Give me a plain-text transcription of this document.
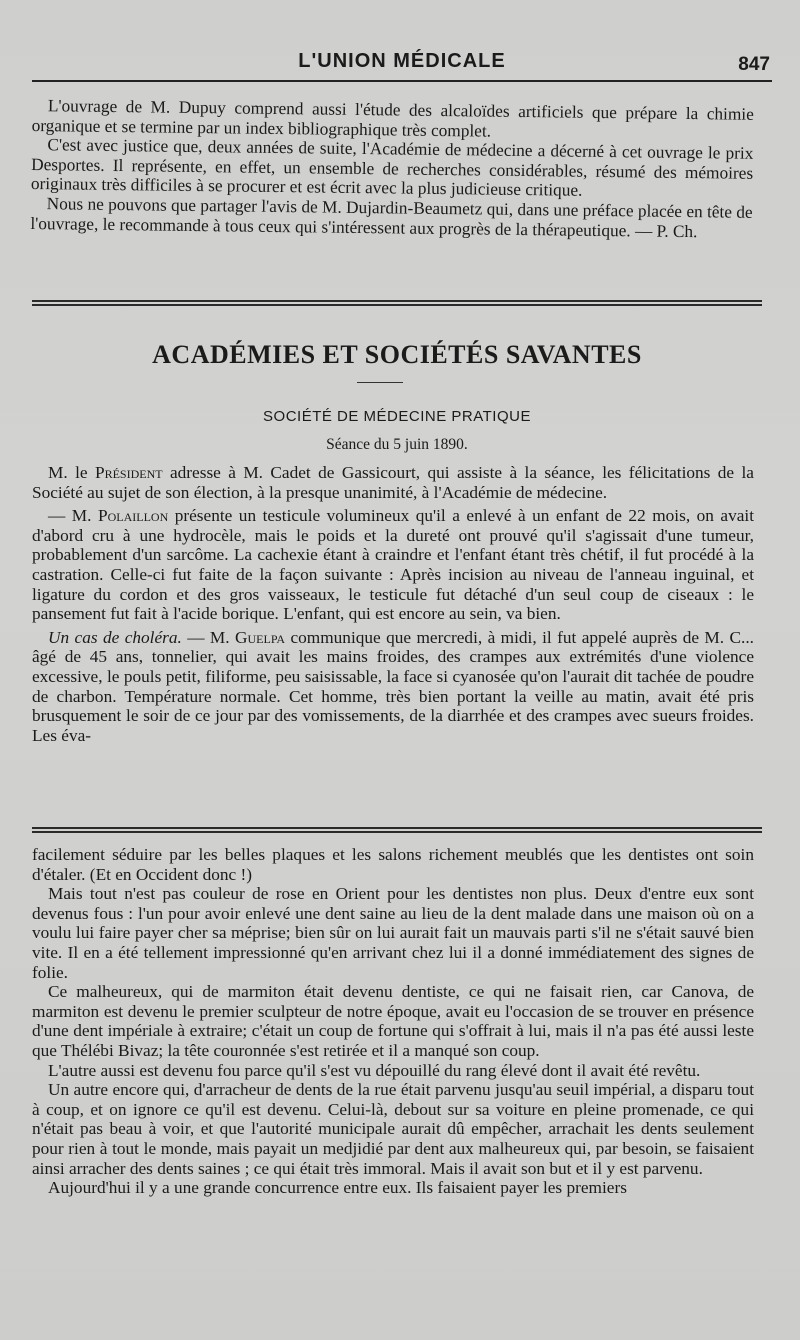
L'UNION MÉDICALE	847

L'ouvrage de M. Dupuy comprend aussi l'étude des alcaloïdes artificiels que prépare la chimie organique et se termine par un index bibliographique très complet.

C'est avec justice que, deux années de suite, l'Académie de médecine a décerné à cet ouvrage le prix Desportes. Il représente, en effet, un ensemble de recherches considérables, résumé des mémoires originaux très difficiles à se procurer et est écrit avec la plus judicieuse critique.

Nous ne pouvons que partager l'avis de M. Dujardin-Beaumetz qui, dans une préface placée en tête de l'ouvrage, le recommande à tous ceux qui s'intéressent aux progrès de la thérapeutique. — P. Ch.

ACADÉMIES ET SOCIÉTÉS SAVANTES
SOCIÉTÉ DE MÉDECINE PRATIQUE
Séance du 5 juin 1890.

M. le Président adresse à M. Cadet de Gassicourt, qui assiste à la séance, les félicitations de la Société au sujet de son élection, à la presque unanimité, à l'Académie de médecine.

— M. Polaillon présente un testicule volumineux qu'il a enlevé à un enfant de 22 mois, on avait d'abord cru à une hydrocèle, mais le poids et la dureté ont prouvé qu'il s'agissait d'une tumeur, probablement d'un sarcôme. La cachexie étant à craindre et l'enfant étant très chétif, il fut procédé à la castration. Celle-ci fut faite de la façon suivante : Après incision au niveau de l'anneau inguinal, et ligature du cordon et des gros vaisseaux, le testicule fut détaché d'un seul coup de ciseaux : le pansement fut fait à l'acide borique. L'enfant, qui est encore au sein, va bien.

Un cas de choléra. — M. Guelpa communique que mercredi, à midi, il fut appelé auprès de M. C... âgé de 45 ans, tonnelier, qui avait les mains froides, des crampes aux extrémités d'une violence excessive, le pouls petit, filiforme, peu saisissable, la face si cyanosée qu'on l'aurait dit tachée de poudre de charbon. Température normale. Cet homme, très bien portant la veille au matin, avait été pris brusquement le soir de ce jour par des vomissements, de la diarrhée et des crampes avec sueurs froides. Les éva-

facilement séduire par les belles plaques et les salons richement meublés que les dentistes ont soin d'étaler. (Et en Occident donc !)

Mais tout n'est pas couleur de rose en Orient pour les dentistes non plus. Deux d'entre eux sont devenus fous : l'un pour avoir enlevé une dent saine au lieu de la dent malade dans une maison où on a voulu lui faire payer cher sa méprise; bien sûr on lui aurait fait un mauvais parti s'il ne s'était sauvé bien vite. Il en a été tellement impressionné qu'en arrivant chez lui il a donné immédiatement des signes de folie.

Ce malheureux, qui de marmiton était devenu dentiste, ce qui ne faisait rien, car Canova, de marmiton est devenu le premier sculpteur de notre époque, avait eu l'occasion de se trouver en présence d'une dent impériale à extraire; c'était un coup de fortune qui s'offrait à lui, mais il n'a pas été aussi leste que Thélébi Bivaz; la tête couronnée s'est retirée et il a manqué son coup.

L'autre aussi est devenu fou parce qu'il s'est vu dépouillé du rang élevé dont il avait été revêtu.

Un autre encore qui, d'arracheur de dents de la rue était parvenu jusqu'au seuil impérial, a disparu tout à coup, et on ignore ce qu'il est devenu. Celui-là, debout sur sa voiture en pleine promenade, ce qui n'était pas beau à voir, et que l'autorité municipale aurait dû empêcher, arrachait les dents seulement pour rien à tout le monde, mais payait un medjidié par dent aux malheureux qui, par besoin, se faisaient ainsi arracher des dents saines ; ce qui était très immoral. Mais il avait son but et il y est parvenu.

Aujourd'hui il y a une grande concurrence entre eux. Ils faisaient payer les premiers
